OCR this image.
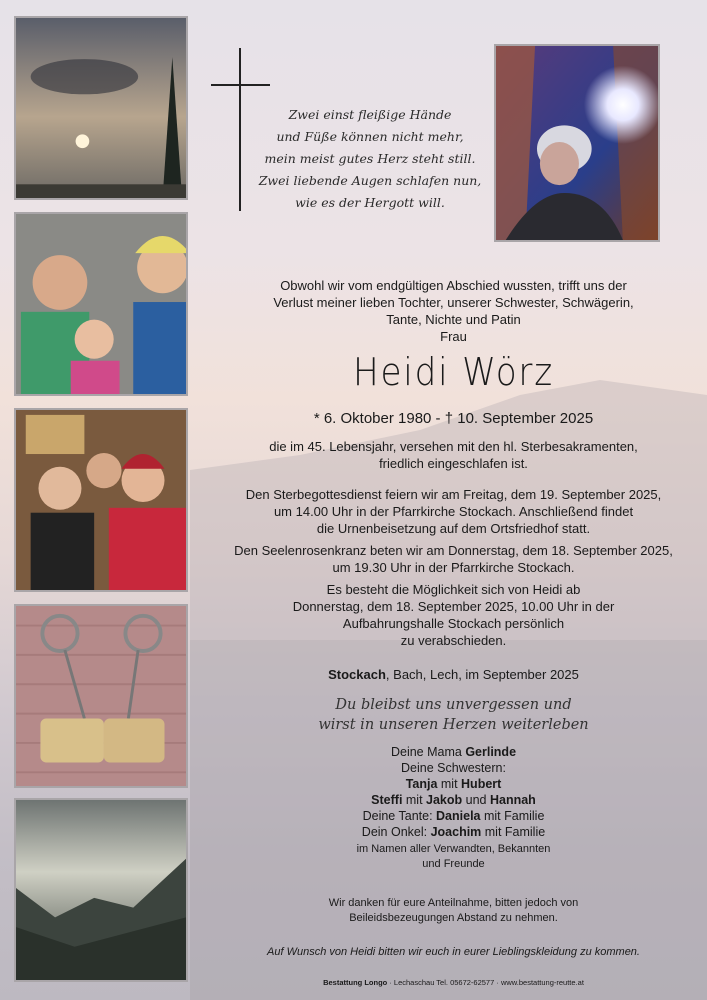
Zwei einst fleißige Hände
und Füße können nicht mehr,
mein meist gutes Herz steht still.
Zwei liebende Augen schlafen nun,
wie es der Hergott will.
Obwohl wir vom endgültigen Abschied wussten, trifft uns der
Verlust meiner lieben Tochter, unserer Schwester, Schwägerin,
Tante, Nichte und Patin
Frau
Heidi Wörz
* 6. Oktober 1980 - † 10. September 2025
die im 45. Lebensjahr, versehen mit den hl. Sterbesakramenten,
friedlich eingeschlafen ist.
Den Sterbegottesdienst feiern wir am Freitag, dem 19. September 2025,
um 14.00 Uhr in der Pfarrkirche Stockach. Anschließend findet
die Urnenbeisetzung auf dem Ortsfriedhof statt.
Den Seelenrosenkranz beten wir am Donnerstag, dem 18. September 2025,
um 19.30 Uhr in der Pfarrkirche Stockach.
Es besteht die Möglichkeit sich von Heidi ab
Donnerstag, dem 18. September 2025, 10.00 Uhr in der
Aufbahrungshalle Stockach persönlich
zu verabschieden.
Stockach, Bach, Lech, im September 2025
Du bleibst uns unvergessen und
wirst in unseren Herzen weiterleben
Deine Mama Gerlinde
Deine Schwestern:
Tanja mit Hubert
Steffi mit Jakob und Hannah
Deine Tante: Daniela mit Familie
Dein Onkel: Joachim mit Familie
im Namen aller Verwandten, Bekannten
und Freunde
Wir danken für eure Anteilnahme, bitten jedoch von
Beileidsbezeugungen Abstand zu nehmen.
Auf Wunsch von Heidi bitten wir euch in eurer Lieblingskleidung zu kommen.
Bestattung Longo · Lechaschau Tel. 05672-62577 · www.bestattung-reutte.at
